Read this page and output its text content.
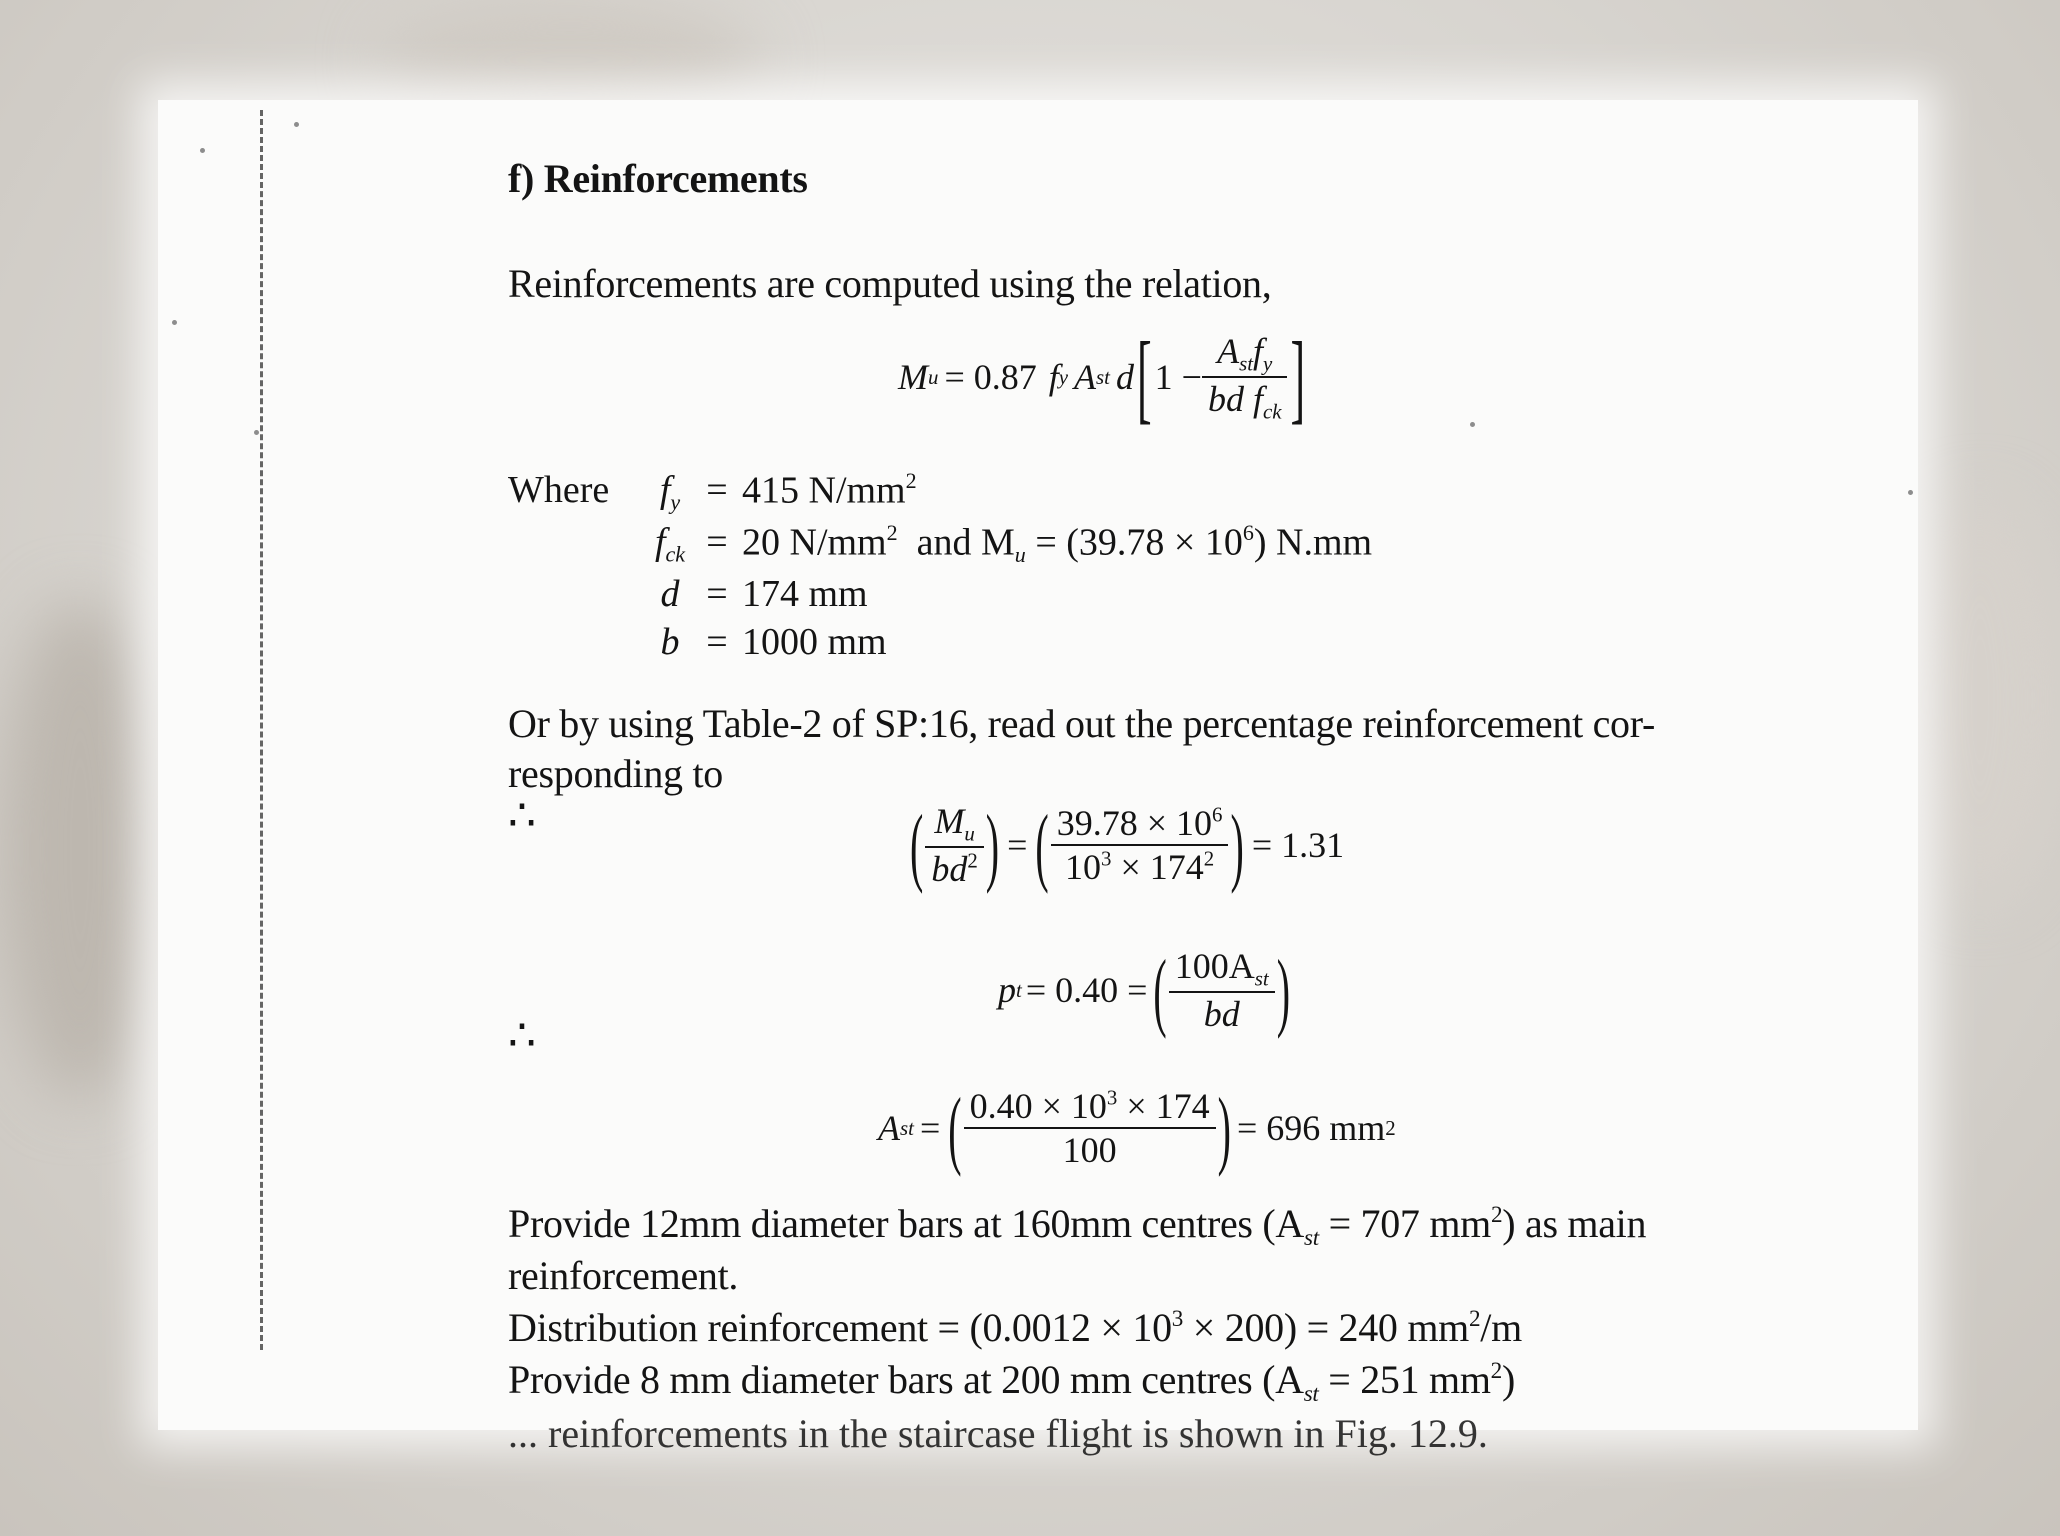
f) Reinforcements
Reinforcements are computed using the relation,
M u = 0.87 f y A st d [ $1 - \frac{A_{st}f_y}{bd f_{ck}}$ ]
Where	$f_y = 415$ $N/mm^2$
$f_{ck} = 20$ $N/mm^2$ and $M_u = (39.78 \times 10^6)$ N.mm
d = 174 mm
b = 1000 mm
Or by using Table-2 of SP:16, read out the percentage reinforcement cor-
responding to
( $\frac{M_u}{bd^2}$ ) = ( $\frac{39.78 \times 10^6}{10^3 \times 174^2}$ ) = 1.31
∴
p t = 0.40 = ( $\frac{100A_{st}}{bd}$ )
∴
A st = ( $\frac{0.40 \times 10^3 \times 174}{100}$ ) = 696 mm 2
Provide 12mm diameter bars at 160mm centres ($A_{st} = 707$ $mm^2$) as main
reinforcement.
Distribution reinforcement = $(0.0012 \times 10^3 \times 200) = 240$ $mm^2/m$
Provide 8 mm diameter bars at 200 mm centres ($A_{st} = 251$ $mm^2$)
... reinforcements in the staircase flight is shown in Fig. 12.9.
